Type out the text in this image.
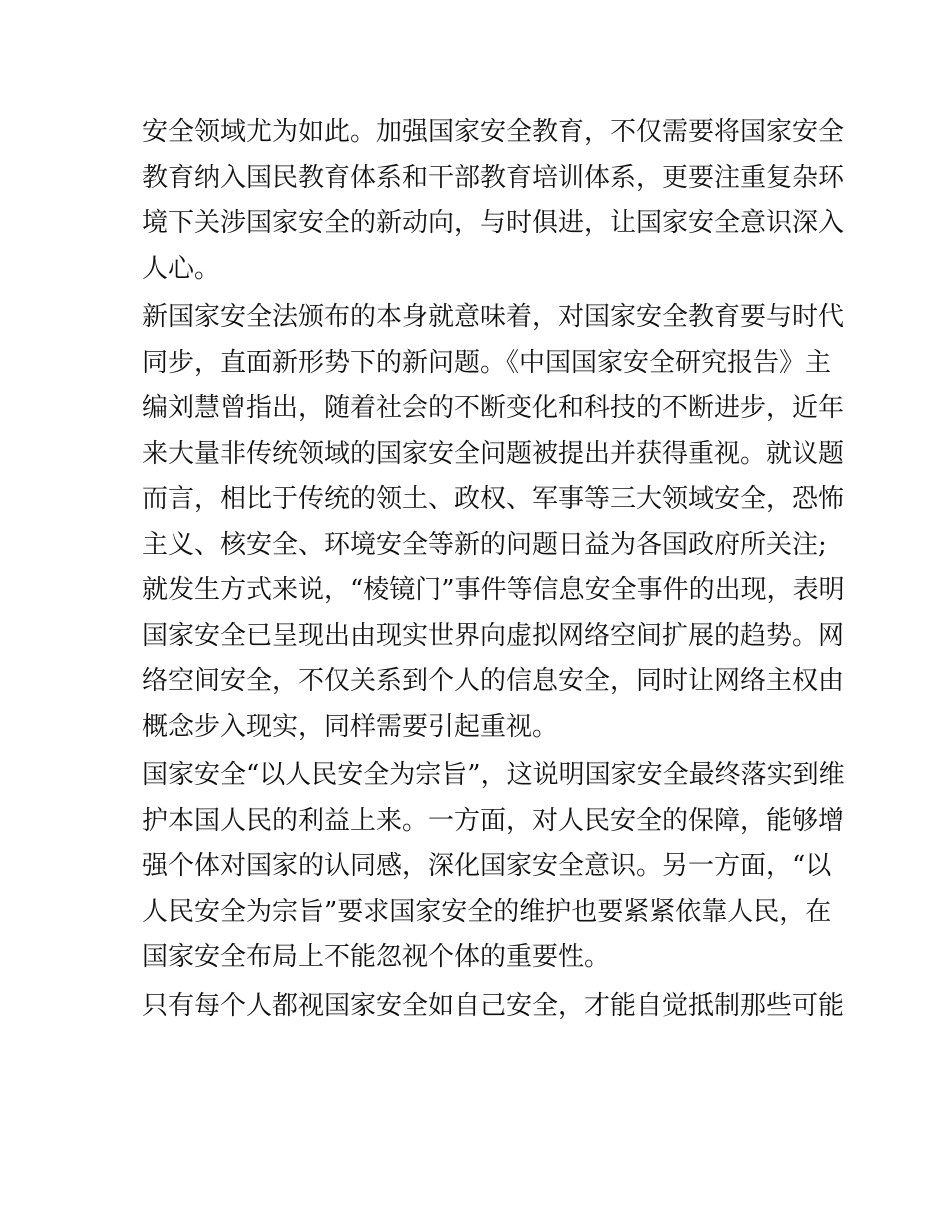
安全领域尤为如此。加强国家安全教育，不仅需要将国家安全
教育纳入国民教育体系和干部教育培训体系，更要注重复杂环
境下关涉国家安全的新动向，与时俱进，让国家安全意识深入
人心。
新国家安全法颁布的本身就意味着，对国家安全教育要与时代
同步，直面新形势下的新问题。《中国国家安全研究报告》主
编刘慧曾指出，随着社会的不断变化和科技的不断进步，近年
来大量非传统领域的国家安全问题被提出并获得重视。就议题
而言，相比于传统的领土、政权、军事等三大领域安全，恐怖
主义、核安全、环境安全等新的问题日益为各国政府所关注;
就发生方式来说，“棱镜门”事件等信息安全事件的出现，表明
国家安全已呈现出由现实世界向虚拟网络空间扩展的趋势。网
络空间安全，不仅关系到个人的信息安全，同时让网络主权由
概念步入现实，同样需要引起重视。
国家安全“以人民安全为宗旨”，这说明国家安全最终落实到维
护本国人民的利益上来。一方面，对人民安全的保障，能够增
强个体对国家的认同感，深化国家安全意识。另一方面，“以
人民安全为宗旨”要求国家安全的维护也要紧紧依靠人民，在
国家安全布局上不能忽视个体的重要性。
只有每个人都视国家安全如自己安全，才能自觉抵制那些可能
